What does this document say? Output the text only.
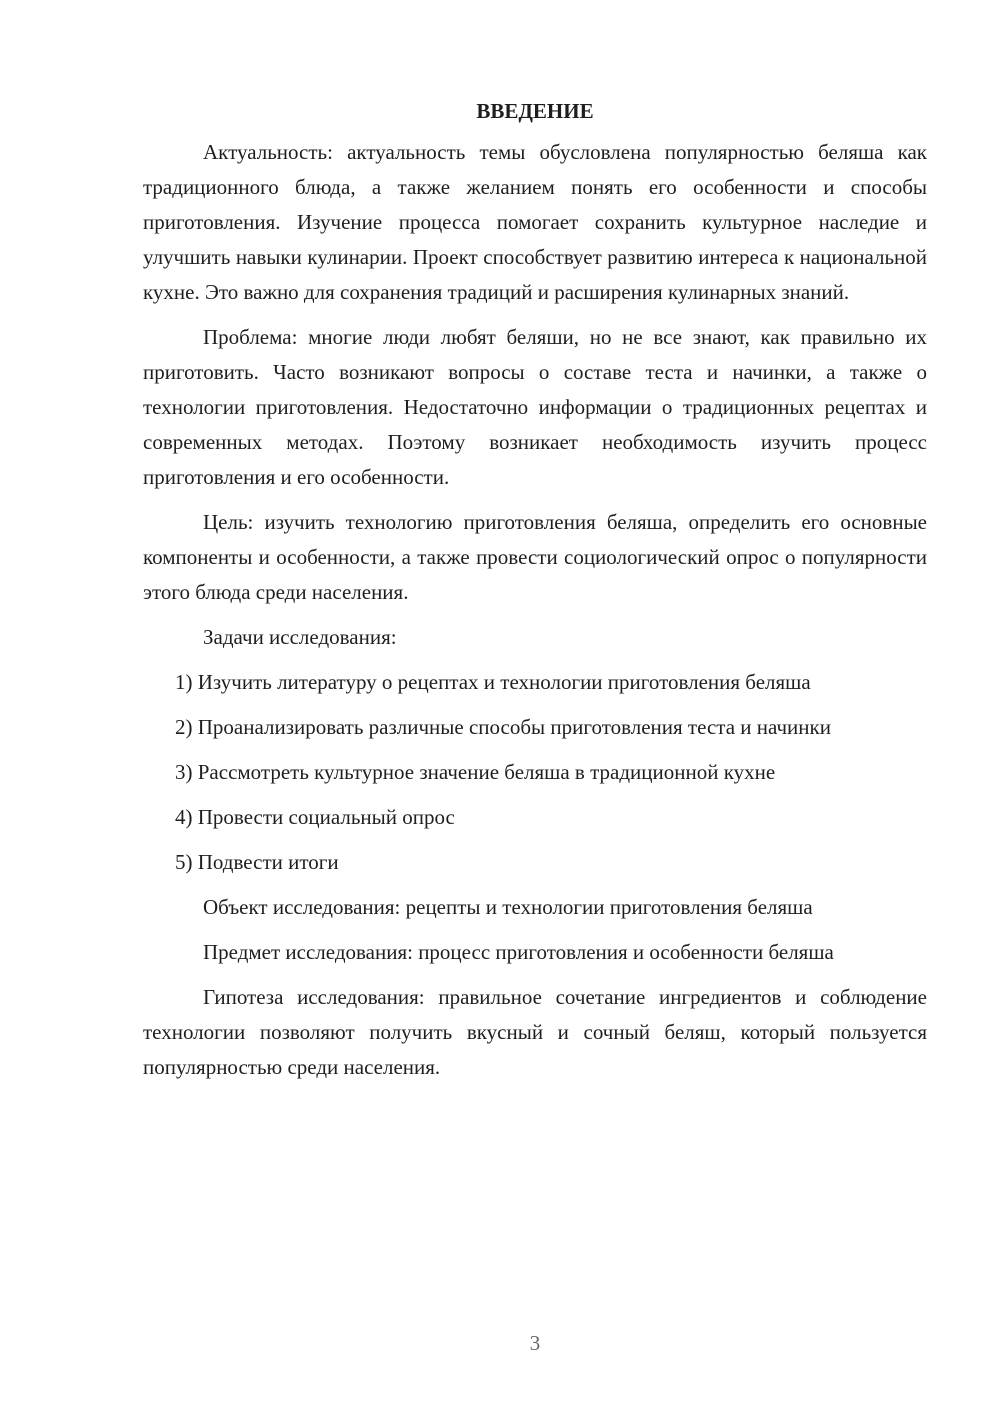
ВВЕДЕНИЕ

Актуальность: актуальность темы обусловлена популярностью беляша как традиционного блюда, а также желанием понять его особенности и способы приготовления. Изучение процесса помогает сохранить культурное наследие и улучшить навыки кулинарии. Проект способствует развитию интереса к национальной кухне. Это важно для сохранения традиций и расширения кулинарных знаний.

Проблема: многие люди любят беляши, но не все знают, как правильно их приготовить. Часто возникают вопросы о составе теста и начинки, а также о технологии приготовления. Недостаточно информации о традиционных рецептах и современных методах. Поэтому возникает необходимость изучить процесс приготовления и его особенности.

Цель: изучить технологию приготовления беляша, определить его основные компоненты и особенности, а также провести социологический опрос о популярности этого блюда среди населения.

Задачи исследования:

1) Изучить литературу о рецептах и технологии приготовления беляша

2) Проанализировать различные способы приготовления теста и начинки

3) Рассмотреть культурное значение беляша в традиционной кухне

4) Провести социальный опрос

5) Подвести итоги

Объект исследования: рецепты и технологии приготовления беляша

Предмет исследования: процесс приготовления и особенности беляша

Гипотеза исследования: правильное сочетание ингредиентов и соблюдение технологии позволяют получить вкусный и сочный беляш, который пользуется популярностью среди населения.

3
